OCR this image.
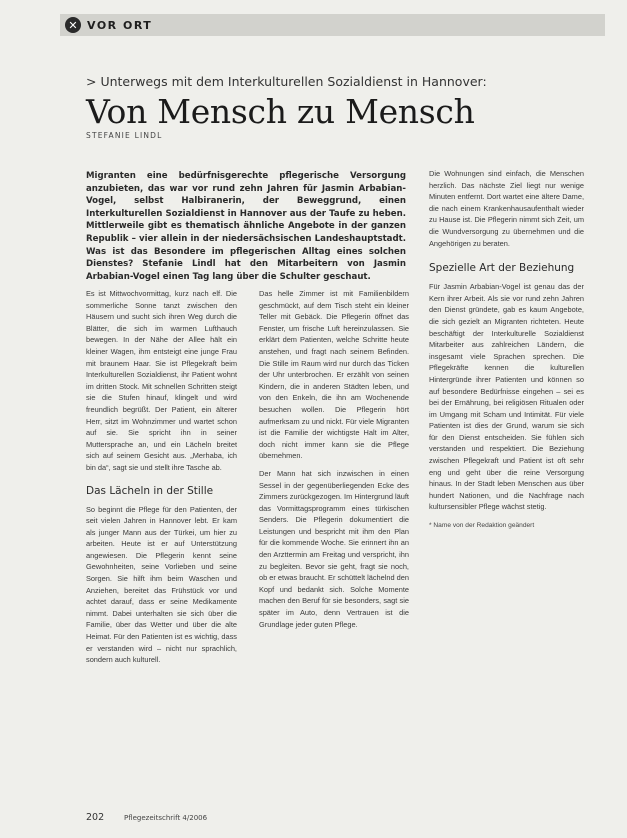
✕ VOR ORT
> Unterwegs mit dem Interkulturellen Sozialdienst in Hannover:
Von Mensch zu Mensch
STEFANIE LINDL
Migranten eine bedürfnisgerechte pflegerische Versorgung anzubieten, das war vor rund zehn Jahren für Jasmin Arbabian-Vogel, selbst Halbiranerin, der Beweggrund, einen Interkulturellen Sozialdienst in Hannover aus der Taufe zu heben. Mittlerweile gibt es thematisch ähnliche Angebote in der ganzen Republik – vier allein in der niedersächsischen Landeshauptstadt. Was ist das Besondere im pflegerischen Alltag eines solchen Dienstes? Stefanie Lindl hat den Mitarbeitern von Jasmin Arbabian-Vogel einen Tag lang über die Schulter geschaut.

Es ist Mittwochvormittag, kurz nach elf. Die sommerliche Sonne tanzt zwischen den Häusern und sucht sich ihren Weg durch die Blätter, die sich im warmen Lufthauch bewegen. In der Nähe der Allee hält ein kleiner Wagen, ihm entsteigt eine junge Frau mit braunem Haar. Sie ist Pflegekraft beim Interkulturellen Sozialdienst, ihr Patient wohnt im dritten Stock. Mit schnellen Schritten steigt sie die Stufen hinauf, klingelt und wird freundlich begrüßt. Der Patient, ein älterer Herr, sitzt im Wohnzimmer und wartet schon auf sie. Sie spricht ihn in seiner Muttersprache an, und ein Lächeln breitet sich auf seinem Gesicht aus. „Merhaba, ich bin da“, sagt sie und stellt ihre Tasche ab.

Das Lächeln in der Stille

So beginnt die Pflege für den Patienten, der seit vielen Jahren in Hannover lebt. Er kam als junger Mann aus der Türkei, um hier zu arbeiten. Heute ist er auf Unterstützung angewiesen. Die Pflegerin kennt seine Gewohnheiten, seine Vorlieben und seine Sorgen. Sie hilft ihm beim Waschen und Anziehen, bereitet das Frühstück vor und achtet darauf, dass er seine Medikamente nimmt. Dabei unterhalten sie sich über die Familie, über das Wetter und über die alte Heimat. Für den Patienten ist es wichtig, dass er verstanden wird – nicht nur sprachlich, sondern auch kulturell.

Das helle Zimmer ist mit Familienbildern geschmückt, auf dem Tisch steht ein kleiner Teller mit Gebäck. Die Pflegerin öffnet das Fenster, um frische Luft hereinzulassen. Sie erklärt dem Patienten, welche Schritte heute anstehen, und fragt nach seinem Befinden. Die Stille im Raum wird nur durch das Ticken der Uhr unterbrochen. Er erzählt von seinen Kindern, die in anderen Städten leben, und von den Enkeln, die ihn am Wochenende besuchen wollen. Die Pflegerin hört aufmerksam zu und nickt. Für viele Migranten ist die Familie der wichtigste Halt im Alter, doch nicht immer kann sie die Pflege übernehmen.

Der Mann hat sich inzwischen in einen Sessel in der gegenüberliegenden Ecke des Zimmers zurückgezogen. Im Hintergrund läuft das Vormittagsprogramm eines türkischen Senders. Die Pflegerin dokumentiert die Leistungen und bespricht mit ihm den Plan für die kommende Woche. Sie erinnert ihn an den Arzttermin am Freitag und verspricht, ihn zu begleiten. Bevor sie geht, fragt sie noch, ob er etwas braucht. Er schüttelt lächelnd den Kopf und bedankt sich. Solche Momente machen den Beruf für sie besonders, sagt sie später im Auto, denn Vertrauen ist die Grundlage jeder guten Pflege.

Die Wohnungen sind einfach, die Menschen herzlich. Das nächste Ziel liegt nur wenige Minuten entfernt. Dort wartet eine ältere Dame, die nach einem Krankenhausaufenthalt wieder zu Hause ist. Die Pflegerin nimmt sich Zeit, um die Wundversorgung zu übernehmen und die Angehörigen zu beraten.

Spezielle Art der Beziehung

Für Jasmin Arbabian-Vogel ist genau das der Kern ihrer Arbeit. Als sie vor rund zehn Jahren den Dienst gründete, gab es kaum Angebote, die sich gezielt an Migranten richteten. Heute beschäftigt der Interkulturelle Sozialdienst Mitarbeiter aus zahlreichen Ländern, die insgesamt viele Sprachen sprechen. Die Pflegekräfte kennen die kulturellen Hintergründe ihrer Patienten und können so auf besondere Bedürfnisse eingehen – sei es bei der Ernährung, bei religiösen Ritualen oder im Umgang mit Scham und Intimität. Für viele Patienten ist dies der Grund, warum sie sich für den Dienst entscheiden. Sie fühlen sich verstanden und respektiert. Die Beziehung zwischen Pflegekraft und Patient ist oft sehr eng und geht über die reine Versorgung hinaus. In der Stadt leben Menschen aus über hundert Nationen, und die Nachfrage nach kultursensibler Pflege wächst stetig.

* Name von der Redaktion geändert
202	Pflegezeitschrift 4/2006
